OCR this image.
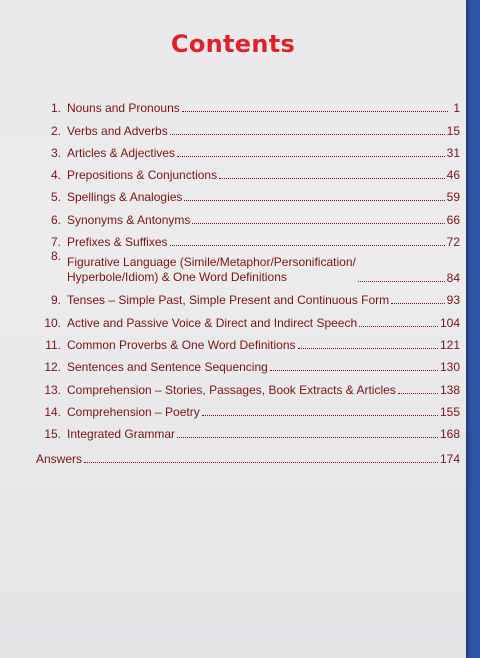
Contents
1. Nouns and Pronouns	1
2. Verbs and Adverbs	15
3. Articles & Adjectives	31
4. Prepositions & Conjunctions	46
5. Spellings & Analogies	59
6. Synonyms & Antonyms	66
7. Prefixes & Suffixes	72
8. Figurative Language (Simile/Metaphor/Personification/
Hyperbole/Idiom) & One Word Definitions	84
9. Tenses – Simple Past, Simple Present and Continuous Form	93
10. Active and Passive Voice & Direct and Indirect Speech	104
11. Common Proverbs & One Word Definitions	121
12. Sentences and Sentence Sequencing	130
13. Comprehension – Stories, Passages, Book Extracts & Articles	138
14. Comprehension – Poetry	155
15. Integrated Grammar	168
Answers	174
